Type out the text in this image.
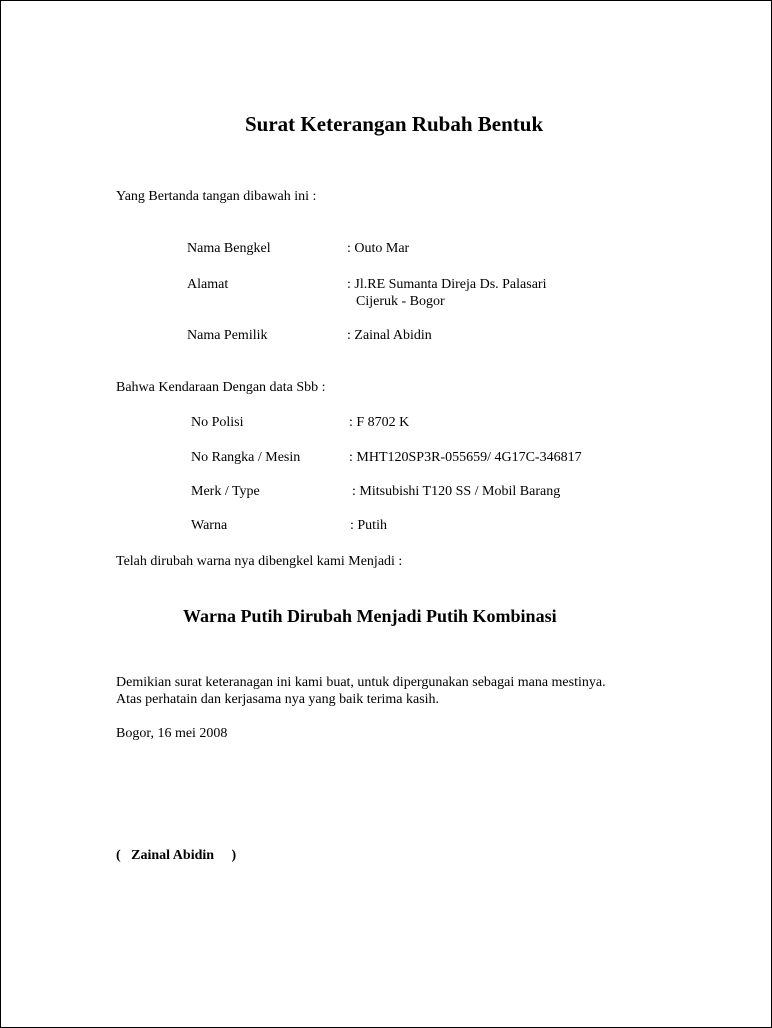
Surat Keterangan Rubah Bentuk
Yang Bertanda tangan dibawah ini :
Nama Bengkel	: Outo Mar
Alamat	: Jl.RE Sumanta Direja Ds. Palasari
Cijeruk - Bogor
Nama Pemilik	: Zainal Abidin
Bahwa Kendaraan Dengan data Sbb :
No Polisi	: F 8702 K
No Rangka / Mesin	: MHT120SP3R-055659/ 4G17C-346817
Merk / Type	: Mitsubishi T120 SS / Mobil Barang
Warna	: Putih
Telah dirubah warna nya dibengkel kami Menjadi :
Warna Putih Dirubah Menjadi Putih Kombinasi
Demikian surat keteranagan ini kami buat, untuk dipergunakan sebagai mana mestinya.
Atas perhatain dan kerjasama nya yang baik terima kasih.
Bogor, 16 mei 2008
(   Zainal Abidin     )
